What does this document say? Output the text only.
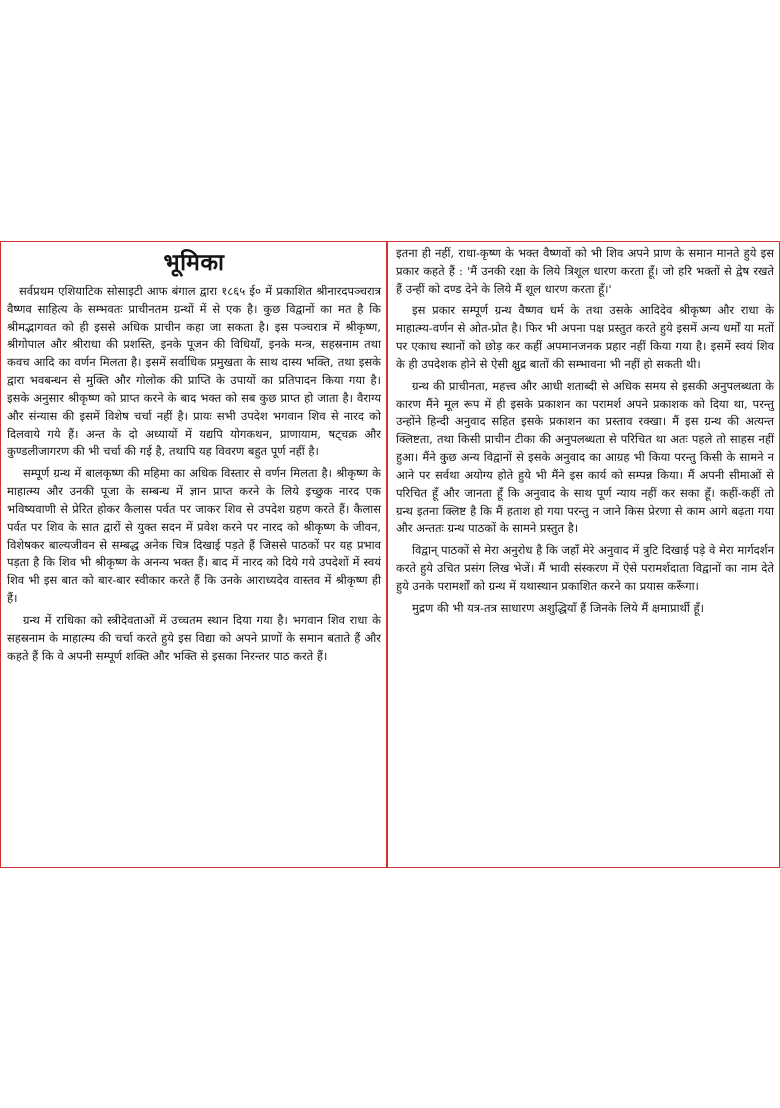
भूमिका

सर्वप्रथम एशियाटिक सोसाइटी आफ बंगाल द्वारा १८६५ ई० में प्रकाशित श्रीनारदपञ्चरात्र वैष्णव साहित्य के सम्भवतः प्राचीनतम ग्रन्थों में से एक है। कुछ विद्वानों का मत है कि श्रीमद्भागवत को ही इससे अधिक प्राचीन कहा जा सकता है। इस पञ्चरात्र में श्रीकृष्ण, श्रीगोपाल और श्रीराधा की प्रशस्ति, इनके पूजन की विधियाँ, इनके मन्त्र, सहस्रनाम तथा कवच आदि का वर्णन मिलता है। इसमें सर्वाधिक प्रमुखता के साथ दास्य भक्ति, तथा इसके द्वारा भवबन्धन से मुक्ति और गोलोक की प्राप्ति के उपायों का प्रतिपादन किया गया है। इसके अनुसार श्रीकृष्ण को प्राप्त करने के बाद भक्त को सब कुछ प्राप्त हो जाता है। वैराग्य और संन्यास की इसमें विशेष चर्चा नहीं है। प्रायः सभी उपदेश भगवान शिव से नारद को दिलवाये गये हैं। अन्त के दो अध्यायों में यद्यपि योगकथन, प्राणायाम, षट्चक्र और कुण्डलीजागरण की भी चर्चा की गई है, तथापि यह विवरण बहुत पूर्ण नहीं है।

सम्पूर्ण ग्रन्थ में बालकृष्ण की महिमा का अधिक विस्तार से वर्णन मिलता है। श्रीकृष्ण के माहात्म्य और उनकी पूजा के सम्बन्ध में ज्ञान प्राप्त करने के लिये इच्छुक नारद एक भविष्यवाणी से प्रेरित होकर कैलास पर्वत पर जाकर शिव से उपदेश ग्रहण करते हैं। कैलास पर्वत पर शिव के सात द्वारों से युक्त सदन में प्रवेश करने पर नारद को श्रीकृष्ण के जीवन, विशेषकर बाल्यजीवन से सम्बद्ध अनेक चित्र दिखाई पड़ते हैं जिससे पाठकों पर यह प्रभाव पड़ता है कि शिव भी श्रीकृष्ण के अनन्य भक्त हैं। बाद में नारद को दिये गये उपदेशों में स्वयं शिव भी इस बात को बार-बार स्वीकार करते हैं कि उनके आराध्यदेव वास्तव में श्रीकृष्ण ही हैं।

ग्रन्थ में राधिका को स्त्रीदेवताओं में उच्चतम स्थान दिया गया है। भगवान शिव राधा के सहस्रनाम के माहात्म्य की चर्चा करते हुये इस विद्या को अपने प्राणों के समान बताते हैं और कहते हैं कि वे अपनी सम्पूर्ण शक्ति और भक्ति से इसका निरन्तर पाठ करते हैं।

इतना ही नहीं, राधा-कृष्ण के भक्त वैष्णवों को भी शिव अपने प्राण के समान मानते हुये इस प्रकार कहते हैं : 'मैं उनकी रक्षा के लिये त्रिशूल धारण करता हूँ। जो हरि भक्तों से द्वेष रखते हैं उन्हीं को दण्ड देने के लिये मैं शूल धारण करता हूँ।'

इस प्रकार सम्पूर्ण ग्रन्थ वैष्णव धर्म के तथा उसके आदिदेव श्रीकृष्ण और राधा के माहात्म्य-वर्णन से ओत-प्रोत है। फिर भी अपना पक्ष प्रस्तुत करते हुये इसमें अन्य धर्मों या मतों पर एकाध स्थानों को छोड़ कर कहीं अपमानजनक प्रहार नहीं किया गया है। इसमें स्वयं शिव के ही उपदेशक होने से ऐसी क्षुद्र बातों की सम्भावना भी नहीं हो सकती थी।

ग्रन्थ की प्राचीनता, महत्त्व और आधी शताब्दी से अधिक समय से इसकी अनुपलब्धता के कारण मैंने मूल रूप में ही इसके प्रकाशन का परामर्श अपने प्रकाशक को दिया था, परन्तु उन्होंने हिन्दी अनुवाद सहित इसके प्रकाशन का प्रस्ताव रक्खा। मैं इस ग्रन्थ की अत्यन्त क्लिष्टता, तथा किसी प्राचीन टीका की अनुपलब्धता से परिचित था अतः पहले तो साहस नहीं हुआ। मैंने कुछ अन्य विद्वानों से इसके अनुवाद का आग्रह भी किया परन्तु किसी के सामने न आने पर सर्वथा अयोग्य होते हुये भी मैंने इस कार्य को सम्पन्न किया। मैं अपनी सीमाओं से परिचित हूँ और जानता हूँ कि अनुवाद के साथ पूर्ण न्याय नहीं कर सका हूँ। कहीं-कहीं तो ग्रन्थ इतना क्लिष्ट है कि मैं हताश हो गया परन्तु न जाने किस प्रेरणा से काम आगे बढ़ता गया और अन्ततः ग्रन्थ पाठकों के सामने प्रस्तुत है।

विद्वान् पाठकों से मेरा अनुरोध है कि जहाँ मेरे अनुवाद में त्रुटि दिखाई पड़े वे मेरा मार्गदर्शन करते हुये उचित प्रसंग लिख भेजें। मैं भावी संस्करण में ऐसे परामर्शदाता विद्वानों का नाम देते हुये उनके परामर्शों को ग्रन्थ में यथास्थान प्रकाशित करने का प्रयास करूँगा।

मुद्रण की भी यत्र-तत्र साधारण अशुद्धियाँ हैं जिनके लिये मैं क्षमाप्रार्थी हूँ।
